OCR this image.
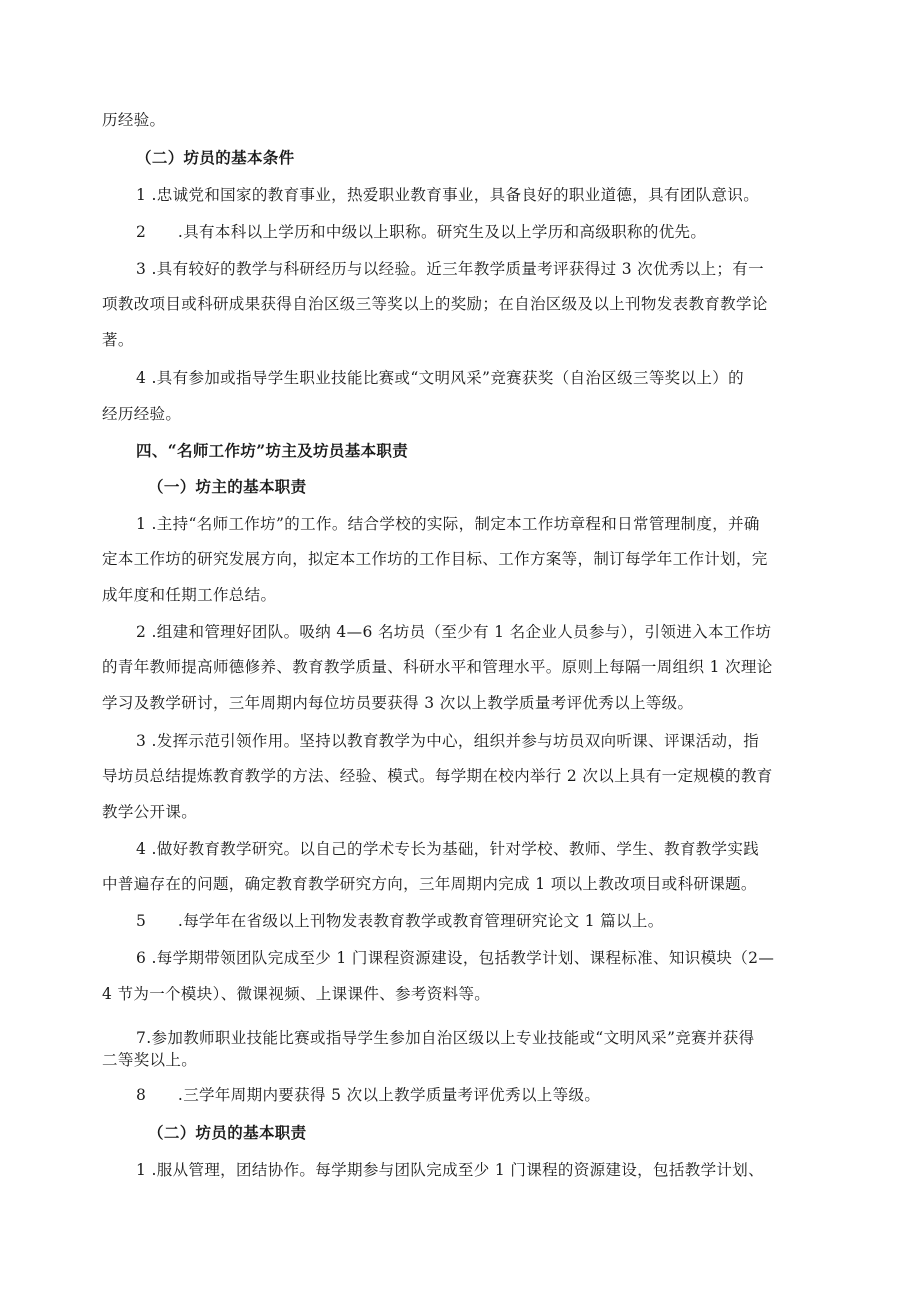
历经验。
（二）坊员的基本条件
1 .忠诚党和国家的教育事业，热爱职业教育事业，具备良好的职业道德，具有团队意识。
2　　.具有本科以上学历和中级以上职称。研究生及以上学历和高级职称的优先。
3 .具有较好的教学与科研经历与以经验。近三年教学质量考评获得过 3 次优秀以上；有一
项教改项目或科研成果获得自治区级三等奖以上的奖励；在自治区级及以上刊物发表教育教学论
著。
4 .具有参加或指导学生职业技能比赛或“文明风采”竞赛获奖（自治区级三等奖以上）的
经历经验。
四、“名师工作坊”坊主及坊员基本职责
（一）坊主的基本职责
1 .主持“名师工作坊”的工作。结合学校的实际，制定本工作坊章程和日常管理制度，并确
定本工作坊的研究发展方向，拟定本工作坊的工作目标、工作方案等，制订每学年工作计划，完
成年度和任期工作总结。
2 .组建和管理好团队。吸纳 4—6 名坊员（至少有 1 名企业人员参与），引领进入本工作坊
的青年教师提高师德修养、教育教学质量、科研水平和管理水平。原则上每隔一周组织 1 次理论
学习及教学研讨，三年周期内每位坊员要获得 3 次以上教学质量考评优秀以上等级。
3 .发挥示范引领作用。坚持以教育教学为中心，组织并参与坊员双向听课、评课活动，指
导坊员总结提炼教育教学的方法、经验、模式。每学期在校内举行 2 次以上具有一定规模的教育
教学公开课。
4 .做好教育教学研究。以自己的学术专长为基础，针对学校、教师、学生、教育教学实践
中普遍存在的问题，确定教育教学研究方向，三年周期内完成 1 项以上教改项目或科研课题。
5　　.每学年在省级以上刊物发表教育教学或教育管理研究论文 1 篇以上。
6 .每学期带领团队完成至少 1 门课程资源建设，包括教学计划、课程标准、知识模块（2—
4 节为一个模块）、微课视频、上课课件、参考资料等。
7.参加教师职业技能比赛或指导学生参加自治区级以上专业技能或“文明风采”竞赛并获得
二等奖以上。
8　　.三学年周期内要获得 5 次以上教学质量考评优秀以上等级。
（二）坊员的基本职责
1 .服从管理，团结协作。每学期参与团队完成至少 1 门课程的资源建设，包括教学计划、
